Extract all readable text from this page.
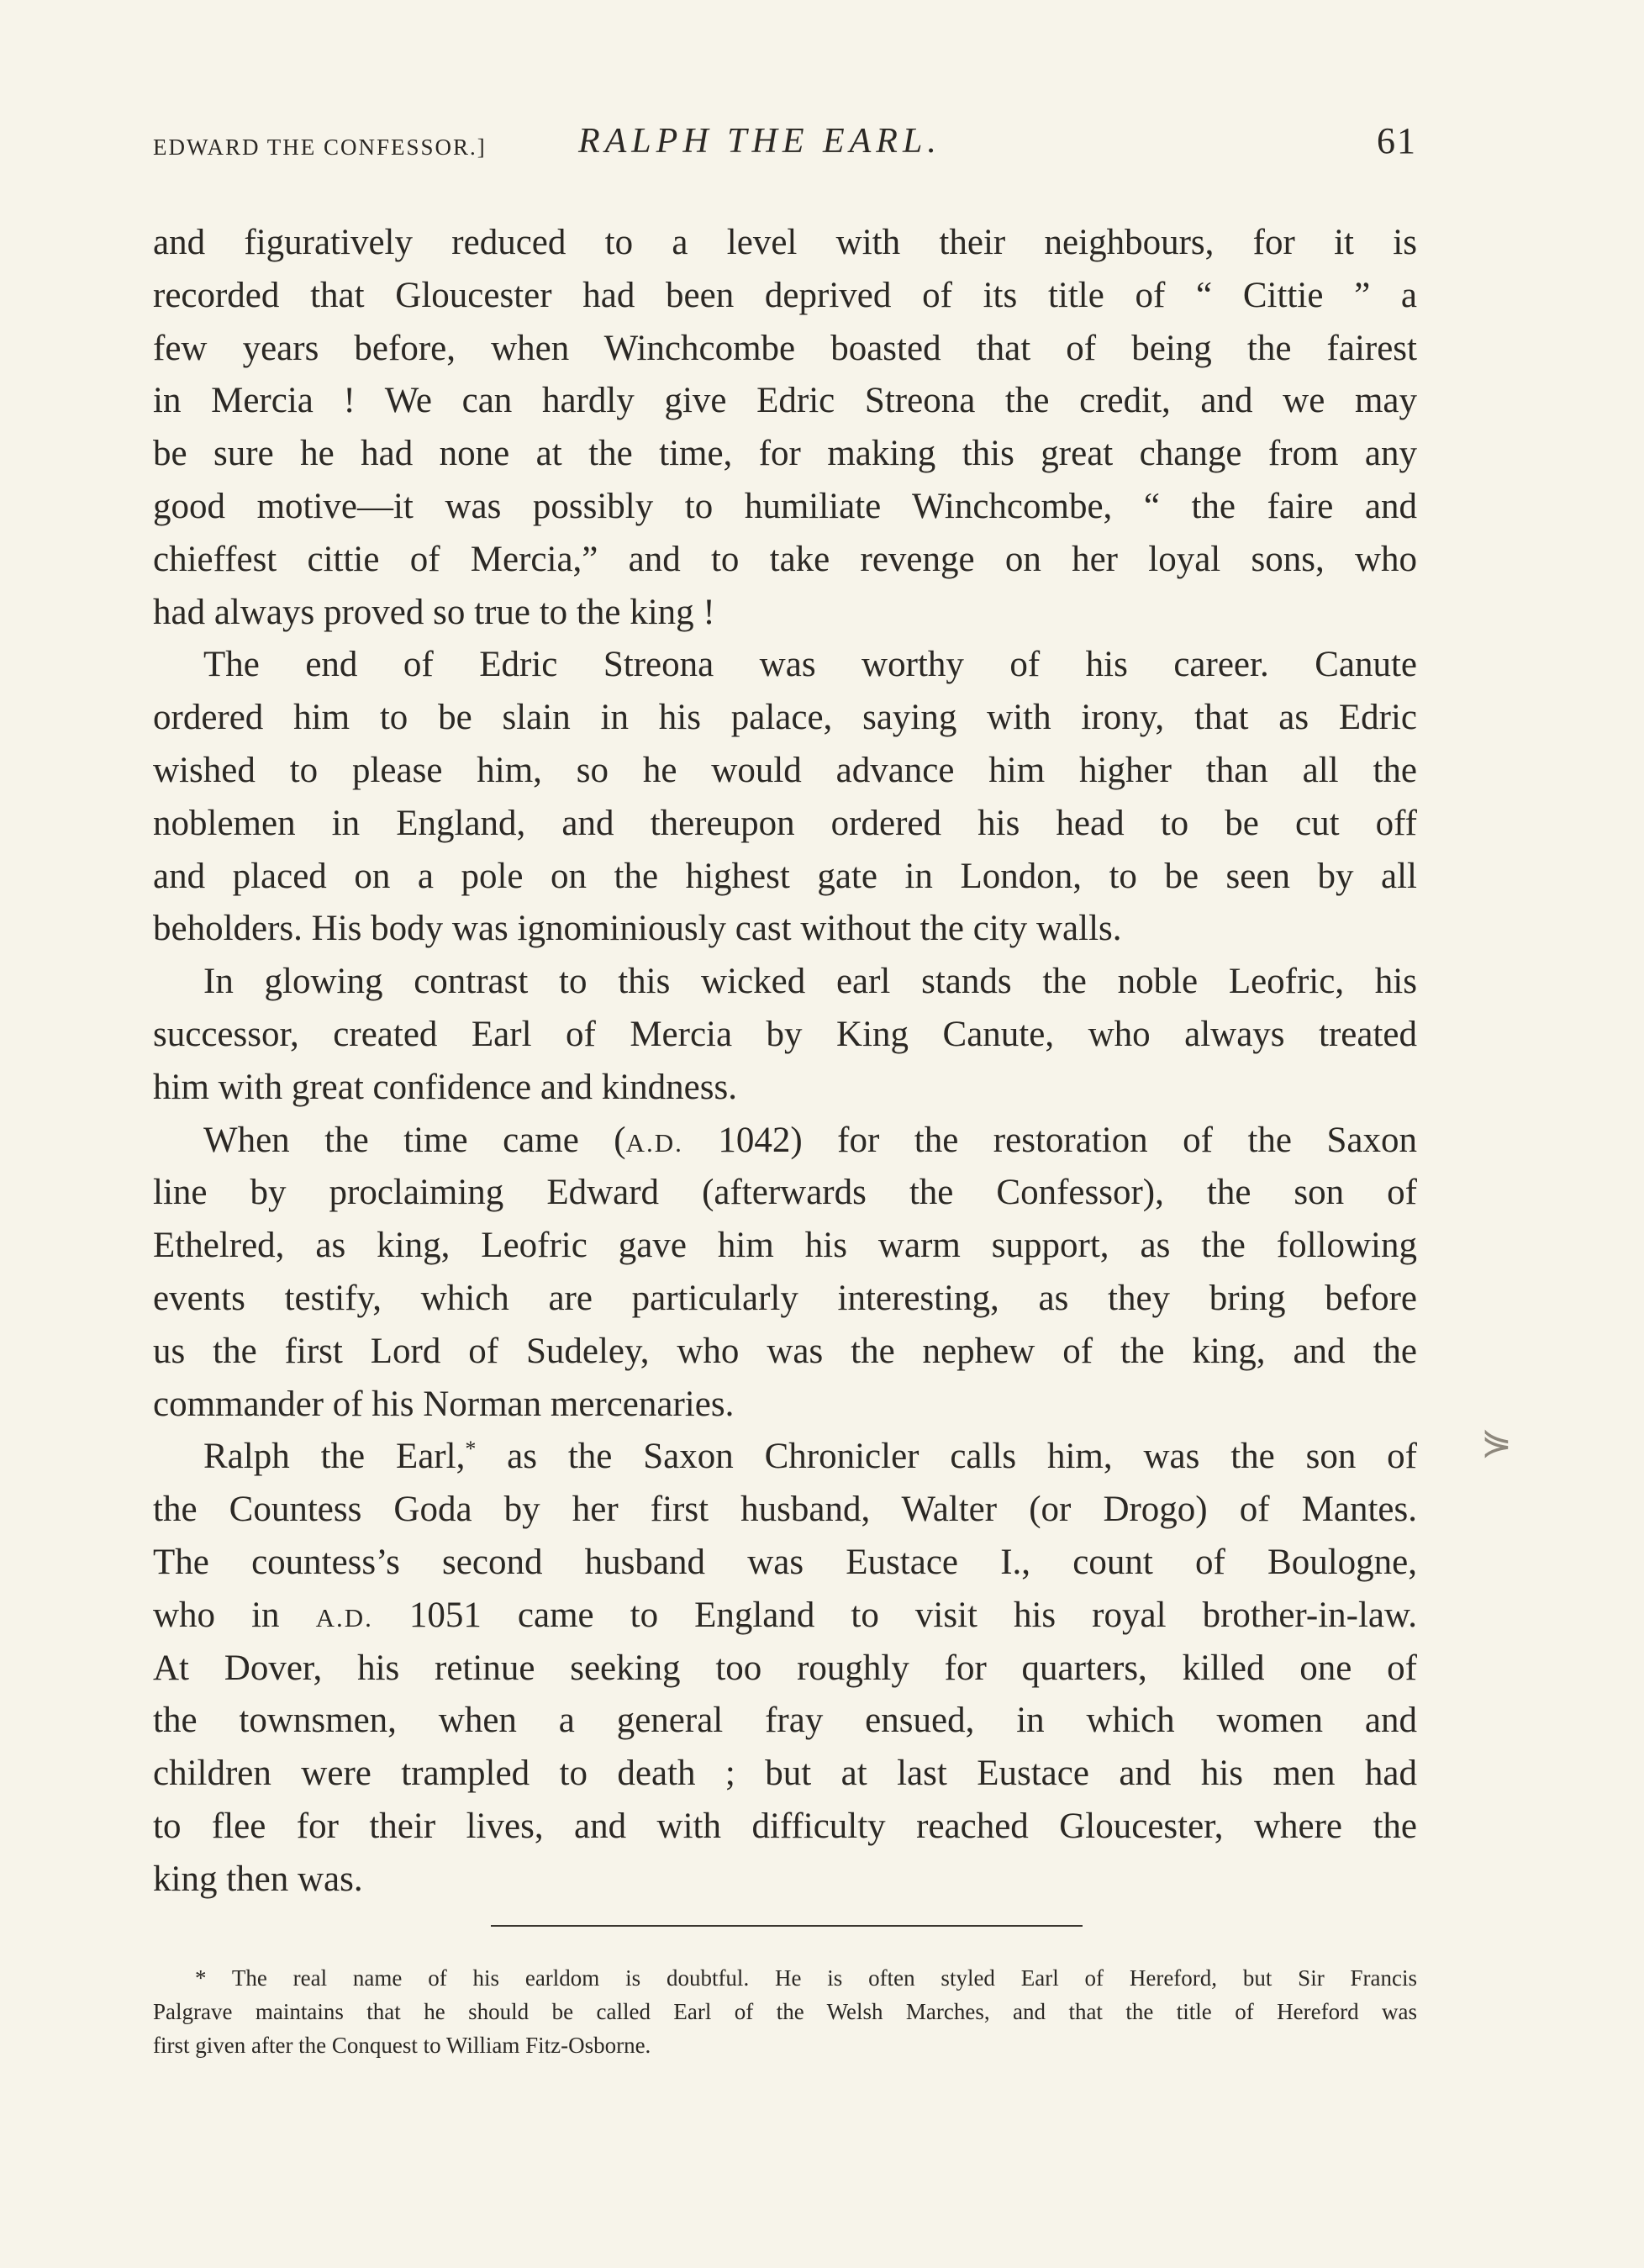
EDWARD THE CONFESSOR.]	RALPH THE EARL.	61
and figuratively reduced to a level with their neighbours, for it is
recorded that Gloucester had been deprived of its title of “ Cittie ” a
few years before, when Winchcombe boasted that of being the fairest
in Mercia ! We can hardly give Edric Streona the credit, and we may
be sure he had none at the time, for making this great change from any
good motive—it was possibly to humiliate Winchcombe, “ the faire and
chieffest cittie of Mercia,” and to take revenge on her loyal sons, who
had always proved so true to the king !
The end of Edric Streona was worthy of his career. Canute
ordered him to be slain in his palace, saying with irony, that as Edric
wished to please him, so he would advance him higher than all the
noblemen in England, and thereupon ordered his head to be cut off
and placed on a pole on the highest gate in London, to be seen by all
beholders. His body was ignominiously cast without the city walls.
In glowing contrast to this wicked earl stands the noble Leofric, his
successor, created Earl of Mercia by King Canute, who always treated
him with great confidence and kindness.
When the time came (A.D. 1042) for the restoration of the Saxon
line by proclaiming Edward (afterwards the Confessor), the son of
Ethelred, as king, Leofric gave him his warm support, as the following
events testify, which are particularly interesting, as they bring before
us the first Lord of Sudeley, who was the nephew of the king, and the
commander of his Norman mercenaries.
Ralph the Earl,* as the Saxon Chronicler calls him, was the son of
the Countess Goda by her first husband, Walter (or Drogo) of Mantes.
The countess’s second husband was Eustace I., count of Boulogne,
who in A.D. 1051 came to England to visit his royal brother-in-law.
At Dover, his retinue seeking too roughly for quarters, killed one of
the townsmen, when a general fray ensued, in which women and
children were trampled to death ; but at last Eustace and his men had
to flee for their lives, and with difficulty reached Gloucester, where the
king then was.
⋟
* The real name of his earldom is doubtful. He is often styled Earl of Hereford, but Sir Francis
Palgrave maintains that he should be called Earl of the Welsh Marches, and that the title of Hereford was
first given after the Conquest to William Fitz-Osborne.
